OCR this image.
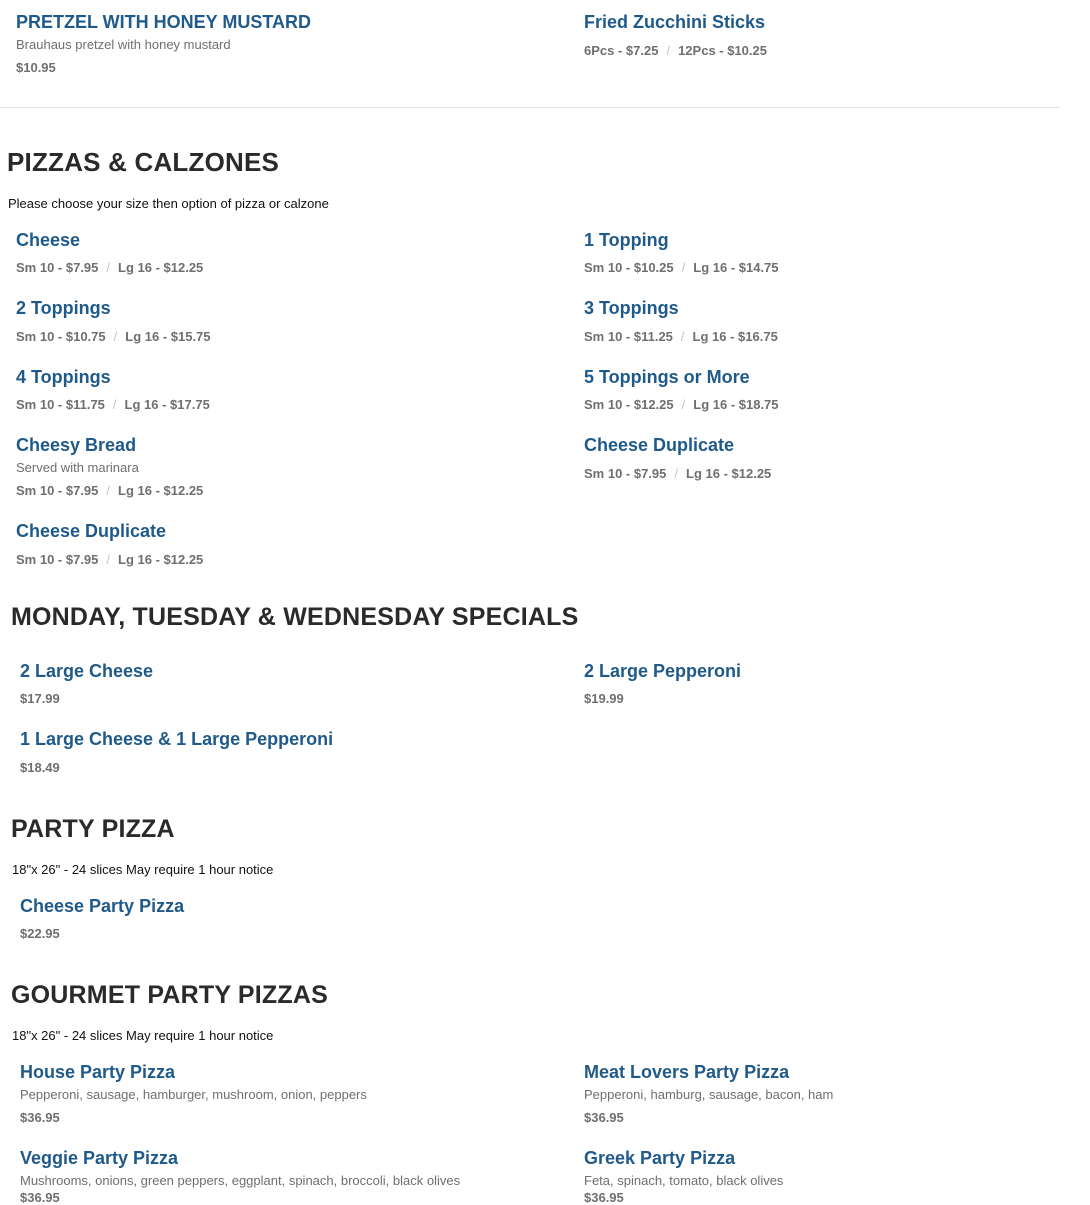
PRETZEL WITH HONEY MUSTARD
Brauhaus pretzel with honey mustard
$10.95
Fried Zucchini Sticks
6Pcs - $7.25 / 12Pcs - $10.25
PIZZAS & CALZONES
Please choose your size then option of pizza or calzone
Cheese
Sm 10 - $7.95 / Lg 16 - $12.25
1 Topping
Sm 10 - $10.25 / Lg 16 - $14.75
2 Toppings
Sm 10 - $10.75 / Lg 16 - $15.75
3 Toppings
Sm 10 - $11.25 / Lg 16 - $16.75
4 Toppings
Sm 10 - $11.75 / Lg 16 - $17.75
5 Toppings or More
Sm 10 - $12.25 / Lg 16 - $18.75
Cheesy Bread
Served with marinara
Sm 10 - $7.95 / Lg 16 - $12.25
Cheese Duplicate
Sm 10 - $7.95 / Lg 16 - $12.25
Cheese Duplicate
Sm 10 - $7.95 / Lg 16 - $12.25
MONDAY, TUESDAY & WEDNESDAY SPECIALS
2 Large Cheese
$17.99
2 Large Pepperoni
$19.99
1 Large Cheese & 1 Large Pepperoni
$18.49
PARTY PIZZA
18"x 26" - 24 slices May require 1 hour notice
Cheese Party Pizza
$22.95
GOURMET PARTY PIZZAS
18"x 26" - 24 slices May require 1 hour notice
House Party Pizza
Pepperoni, sausage, hamburger, mushroom, onion, peppers
$36.95
Meat Lovers Party Pizza
Pepperoni, hamburg, sausage, bacon, ham
$36.95
Veggie Party Pizza
Mushrooms, onions, green peppers, eggplant, spinach, broccoli, black olives
$36.95
Greek Party Pizza
Feta, spinach, tomato, black olives
$36.95
